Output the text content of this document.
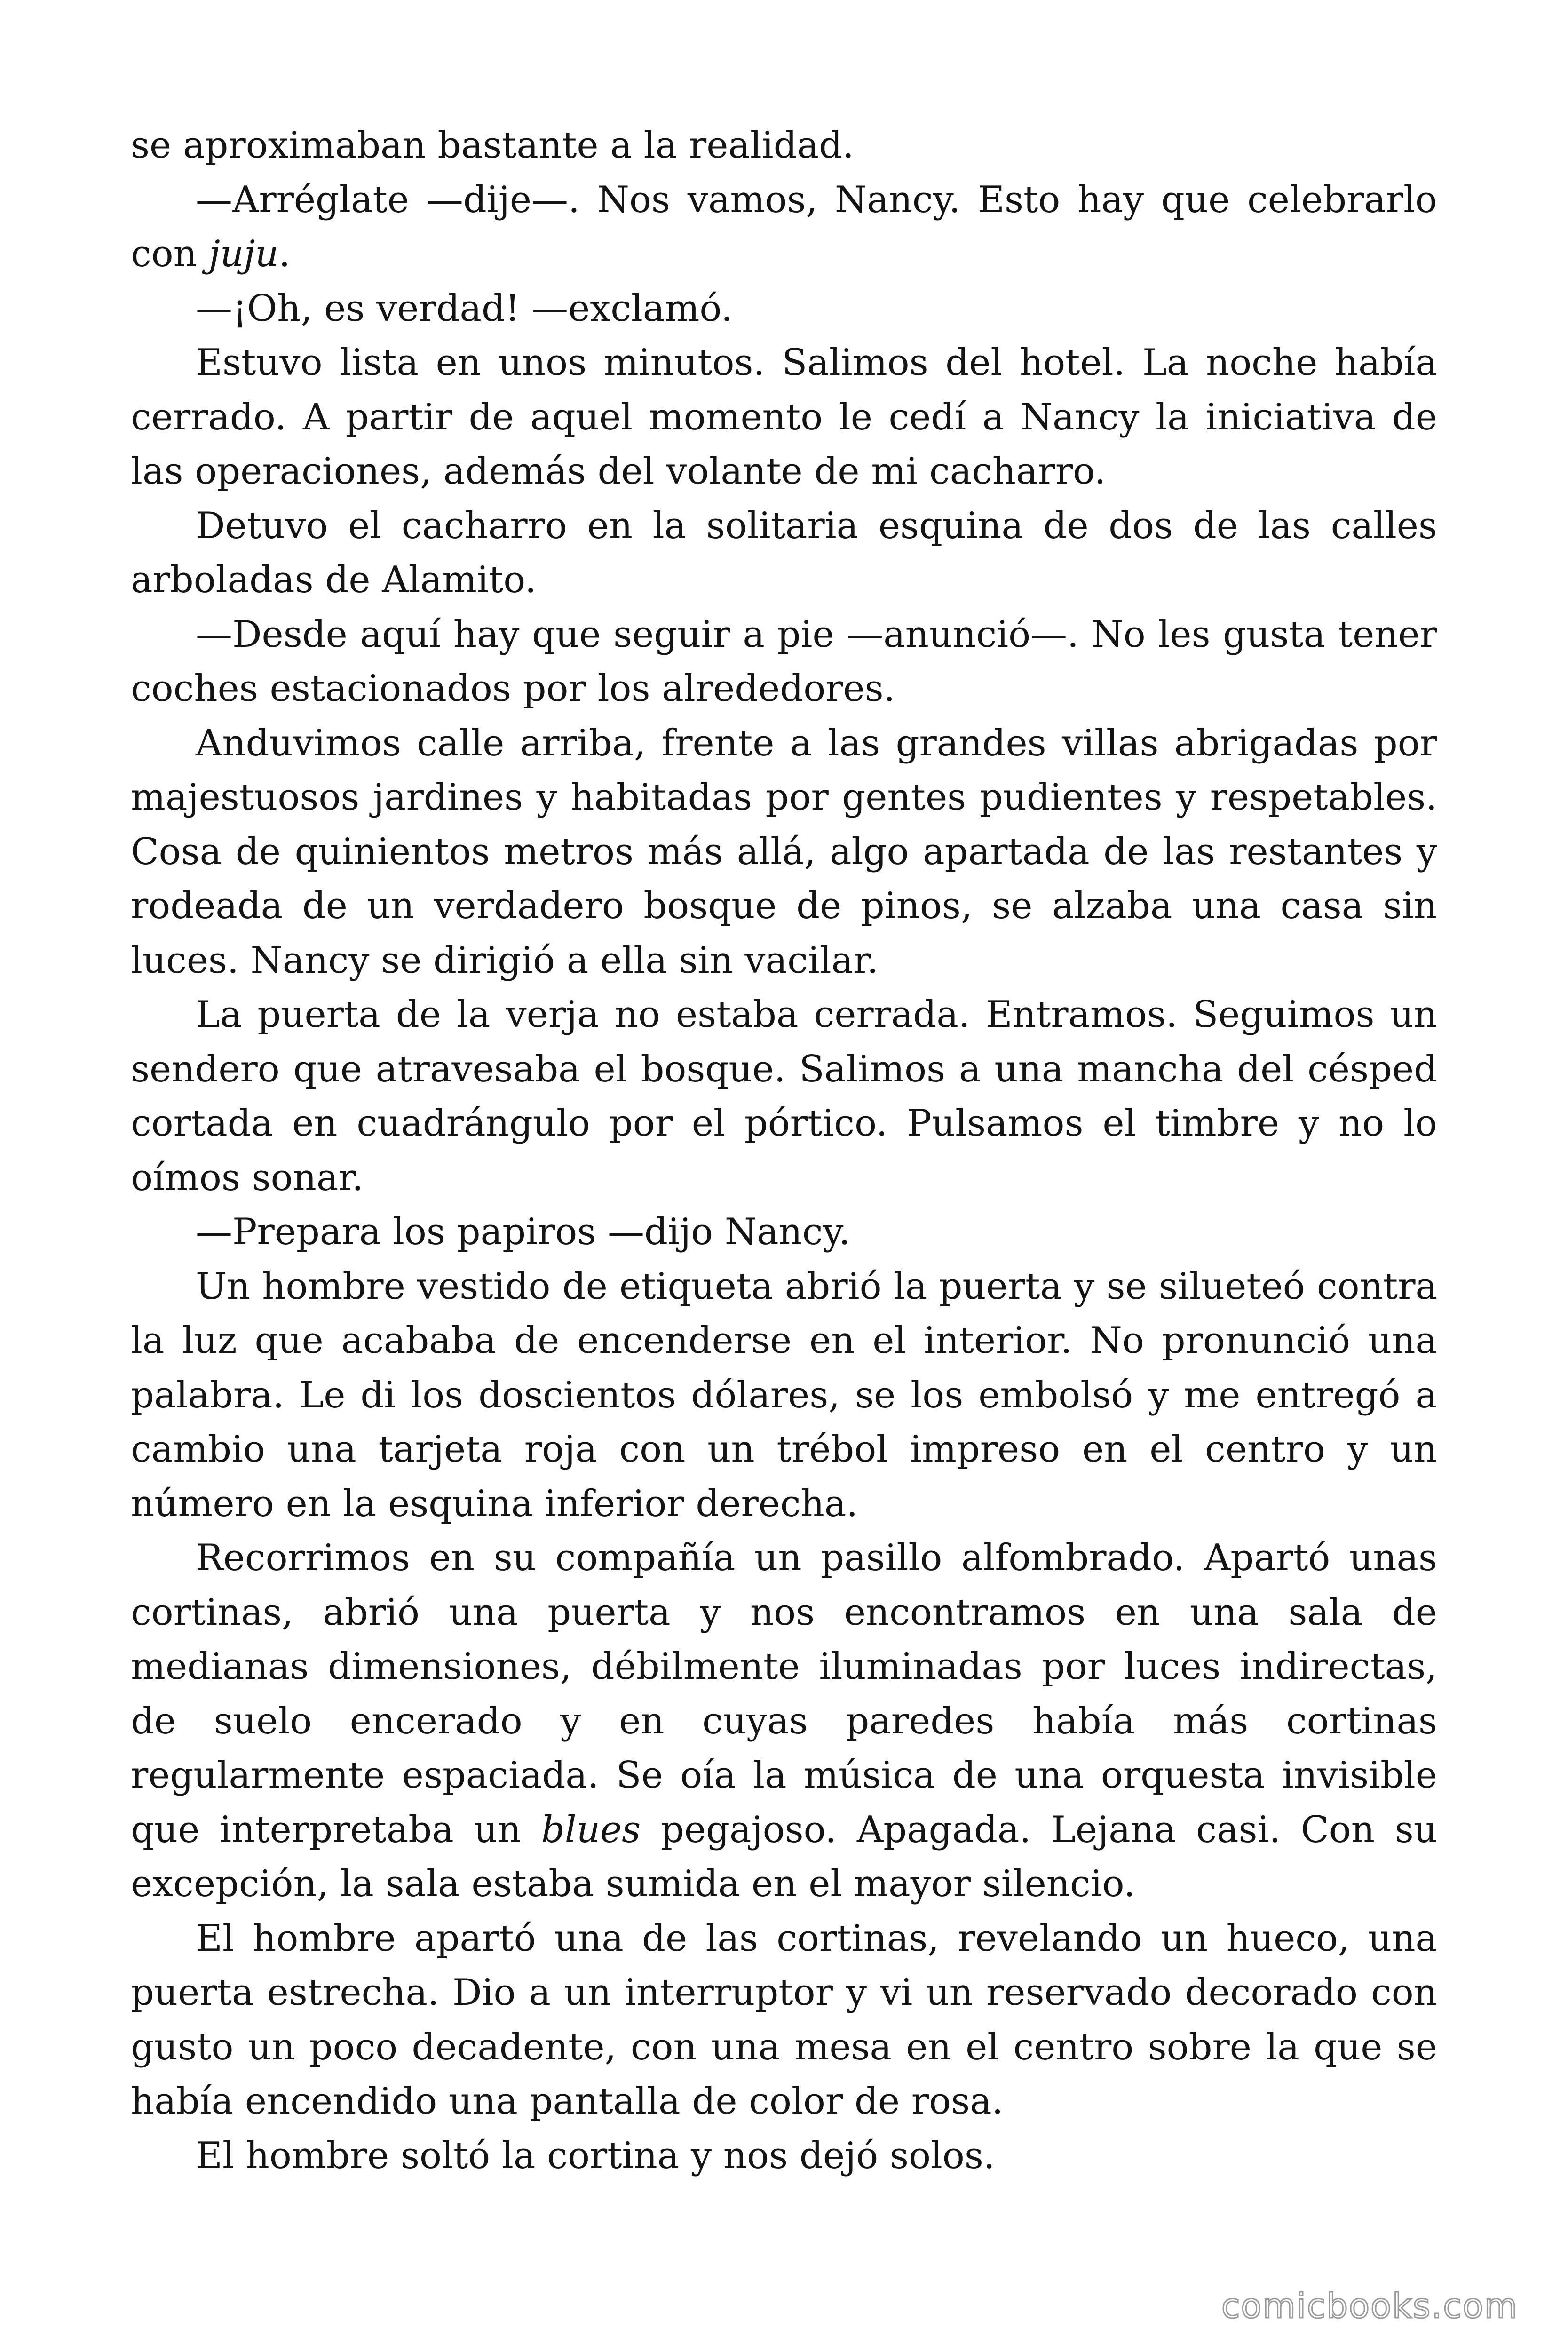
se aproximaban bastante a la realidad.

—Arréglate —dije—. Nos vamos, Nancy. Esto hay que celebrarlo con juju.

—¡Oh, es verdad! —exclamó.

Estuvo lista en unos minutos. Salimos del hotel. La noche había cerrado. A partir de aquel momento le cedí a Nancy la iniciativa de las operaciones, además del volante de mi cacharro.

Detuvo el cacharro en la solitaria esquina de dos de las calles arboladas de Alamito.

—Desde aquí hay que seguir a pie —anunció—. No les gusta tener coches estacionados por los alrededores.

Anduvimos calle arriba, frente a las grandes villas abrigadas por majestuosos jardines y habitadas por gentes pudientes y respetables. Cosa de quinientos metros más allá, algo apartada de las restantes y rodeada de un verdadero bosque de pinos, se alzaba una casa sin luces. Nancy se dirigió a ella sin vacilar.

La puerta de la verja no estaba cerrada. Entramos. Seguimos un sendero que atravesaba el bosque. Salimos a una mancha del césped cortada en cuadrángulo por el pórtico. Pulsamos el timbre y no lo oímos sonar.

—Prepara los papiros —dijo Nancy.

Un hombre vestido de etiqueta abrió la puerta y se silueteó contra la luz que acababa de encenderse en el interior. No pronunció una palabra. Le di los doscientos dólares, se los embolsó y me entregó a cambio una tarjeta roja con un trébol impreso en el centro y un número en la esquina inferior derecha.

Recorrimos en su compañía un pasillo alfombrado. Apartó unas cortinas, abrió una puerta y nos encontramos en una sala de medianas dimensiones, débilmente iluminadas por luces indirectas, de suelo encerado y en cuyas paredes había más cortinas regularmente espaciada. Se oía la música de una orquesta invisible que interpretaba un blues pegajoso. Apagada. Lejana casi. Con su excepción, la sala estaba sumida en el mayor silencio.

El hombre apartó una de las cortinas, revelando un hueco, una puerta estrecha. Dio a un interruptor y vi un reservado decorado con gusto un poco decadente, con una mesa en el centro sobre la que se había encendido una pantalla de color de rosa.

El hombre soltó la cortina y nos dejó solos.

comicbooks.com
